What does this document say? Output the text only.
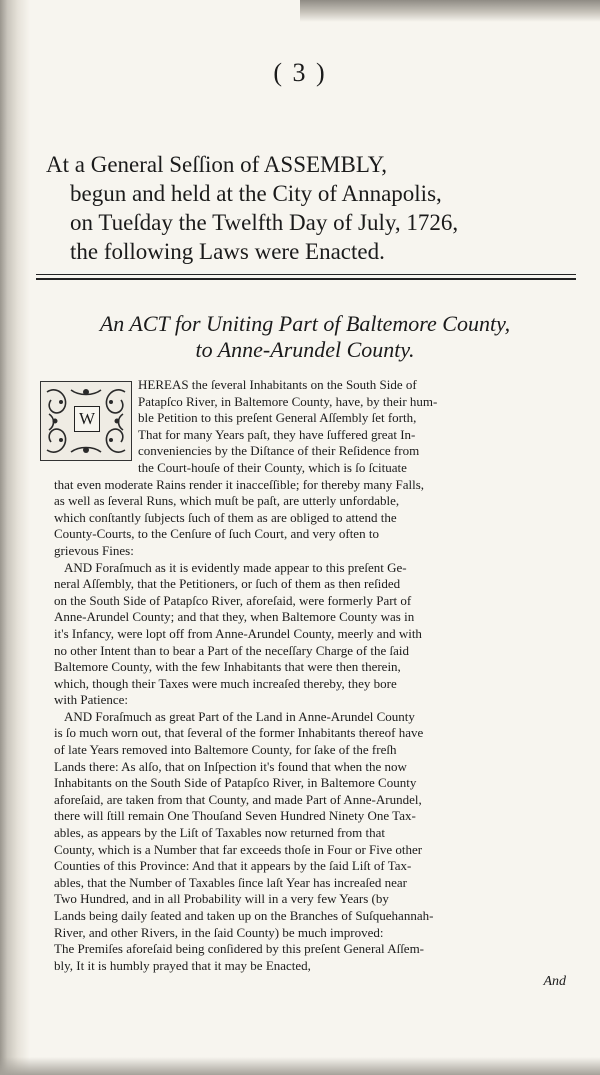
( 3 )
At a General Seſſion of ASSEMBLY,
begun and held at the City of Annapolis,
on Tueſday the Twelfth Day of July, 1726,
the following Laws were Enacted.
An ACT for Uniting Part of Baltemore County,
to Anne-Arundel County.
W
HEREAS the ſeveral Inhabitants on the South Side of
Patapſco River, in Baltemore County, have, by their hum-
ble Petition to this preſent General Aſſembly ſet forth,
That for many Years paſt, they have ſuffered great In-
conveniencies by the Diſtance of their Reſidence from
the Court-houſe of their County, which is ſo ſcituate
that even moderate Rains render it inacceſſible; for thereby many Falls,
as well as ſeveral Runs, which muſt be paſt, are utterly unfordable,
which conſtantly ſubjects ſuch of them as are obliged to attend the
County-Courts, to the Cenſure of ſuch Court, and very often to
grievous Fines:
AND Foraſmuch as it is evidently made appear to this preſent Ge-
neral Aſſembly, that the Petitioners, or ſuch of them as then reſided
on the South Side of Patapſco River, aforeſaid, were formerly Part of
Anne-Arundel County; and that they, when Baltemore County was in
it's Infancy, were lopt off from Anne-Arundel County, meerly and with
no other Intent than to bear a Part of the neceſſary Charge of the ſaid
Baltemore County, with the few Inhabitants that were then therein,
which, though their Taxes were much increaſed thereby, they bore
with Patience:
AND Foraſmuch as great Part of the Land in Anne-Arundel County
is ſo much worn out, that ſeveral of the former Inhabitants thereof have
of late Years removed into Baltemore County, for ſake of the freſh
Lands there: As alſo, that on Inſpection it's found that when the now
Inhabitants on the South Side of Patapſco River, in Baltemore County
aforeſaid, are taken from that County, and made Part of Anne-Arundel,
there will ſtill remain One Thouſand Seven Hundred Ninety One Tax-
ables, as appears by the Liſt of Taxables now returned from that
County, which is a Number that far exceeds thoſe in Four or Five other
Counties of this Province: And that it appears by the ſaid Liſt of Tax-
ables, that the Number of Taxables ſince laſt Year has increaſed near
Two Hundred, and in all Probability will in a very few Years (by
Lands being daily ſeated and taken up on the Branches of Suſquehannah-
River, and other Rivers, in the ſaid County) be much improved:
The Premiſes aforeſaid being conſidered by this preſent General Aſſem-
bly, It it is humbly prayed that it may be Enacted,
And
